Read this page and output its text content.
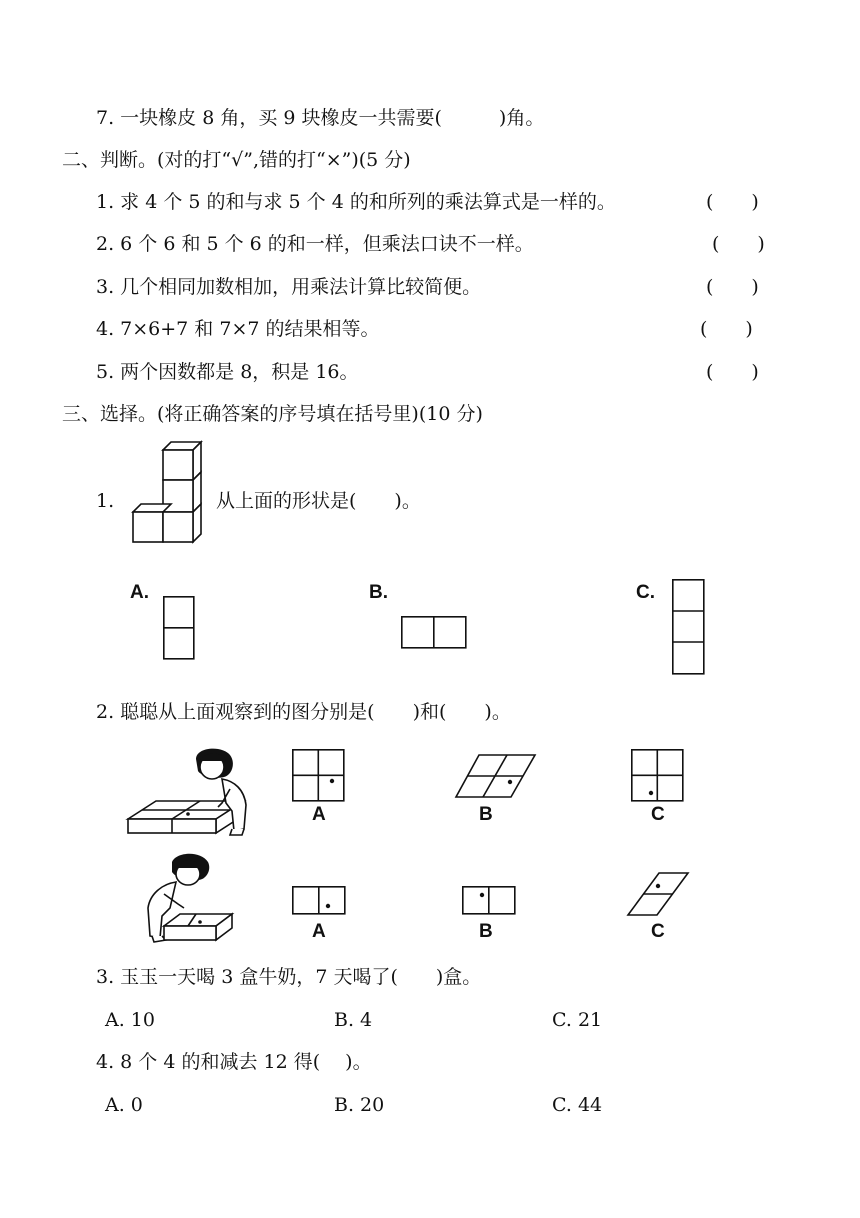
7. 一块橡皮 8 角，买 9 块橡皮一共需要(　　　)角。
二、判断。(对的打“√”,错的打“×”)(5 分)
1. 求 4 个 5 的和与求 5 个 4 的和所列的乘法算式是一样的。	(　　)
2. 6 个 6 和 5 个 6 的和一样，但乘法口诀不一样。	(　　)
3. 几个相同加数相加，用乘法计算比较简便。	(　　)
4. 7×6+7 和 7×7 的结果相等。	(　　)
5. 两个因数都是 8，积是 16。	(　　)
三、选择。(将正确答案的序号填在括号里)(10 分)
1.	从上面的形状是(　　)。
A.	B.	C.
2. 聪聪从上面观察到的图分别是(　　)和(　　)。
A	B	C
A	B	C
3. 玉玉一天喝 3 盒牛奶，7 天喝了(　　)盒。
A. 10	B. 4	C. 21
4. 8 个 4 的和减去 12 得(　 )。
A. 0	B. 20	C. 44
